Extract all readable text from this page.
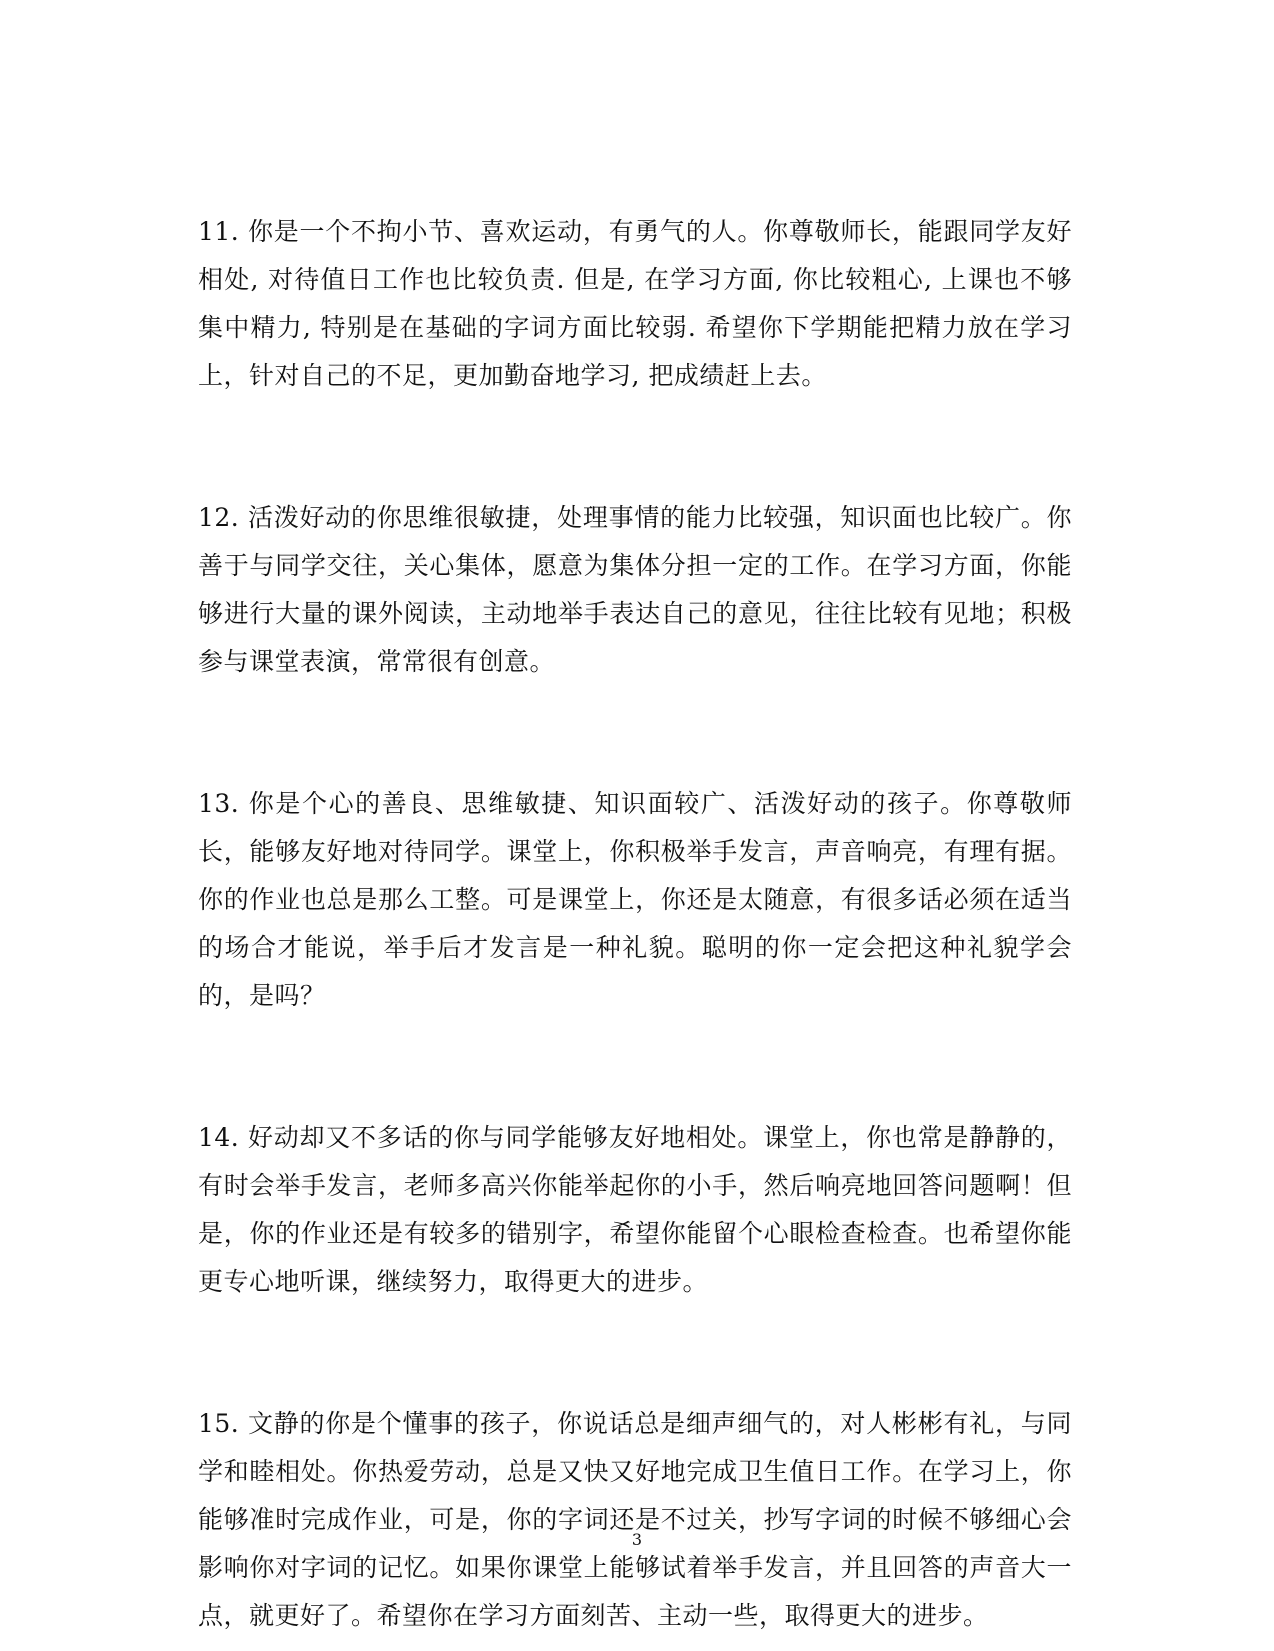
11. 你是一个不拘小节、喜欢运动，有勇气的人。你尊敬师长，能跟同学友好相处, 对待值日工作也比较负责. 但是, 在学习方面, 你比较粗心, 上课也不够集中精力, 特别是在基础的字词方面比较弱. 希望你下学期能把精力放在学习上，针对自己的不足，更加勤奋地学习, 把成绩赶上去。

12. 活泼好动的你思维很敏捷，处理事情的能力比较强，知识面也比较广。你善于与同学交往，关心集体，愿意为集体分担一定的工作。在学习方面，你能够进行大量的课外阅读，主动地举手表达自己的意见，往往比较有见地；积极参与课堂表演，常常很有创意。

13. 你是个心的善良、思维敏捷、知识面较广、活泼好动的孩子。你尊敬师长，能够友好地对待同学。课堂上，你积极举手发言，声音响亮，有理有据。你的作业也总是那么工整。可是课堂上，你还是太随意，有很多话必须在适当的场合才能说，举手后才发言是一种礼貌。聪明的你一定会把这种礼貌学会的，是吗？

14. 好动却又不多话的你与同学能够友好地相处。课堂上，你也常是静静的，有时会举手发言，老师多高兴你能举起你的小手，然后响亮地回答问题啊！但是，你的作业还是有较多的错别字，希望你能留个心眼检查检查。也希望你能更专心地听课，继续努力，取得更大的进步。

15. 文静的你是个懂事的孩子，你说话总是细声细气的，对人彬彬有礼，与同学和睦相处。你热爱劳动，总是又快又好地完成卫生值日工作。在学习上，你能够准时完成作业，可是，你的字词还是不过关，抄写字词的时候不够细心会影响你对字词的记忆。如果你课堂上能够试着举手发言，并且回答的声音大一点，就更好了。希望你在学习方面刻苦、主动一些，取得更大的进步。

3
